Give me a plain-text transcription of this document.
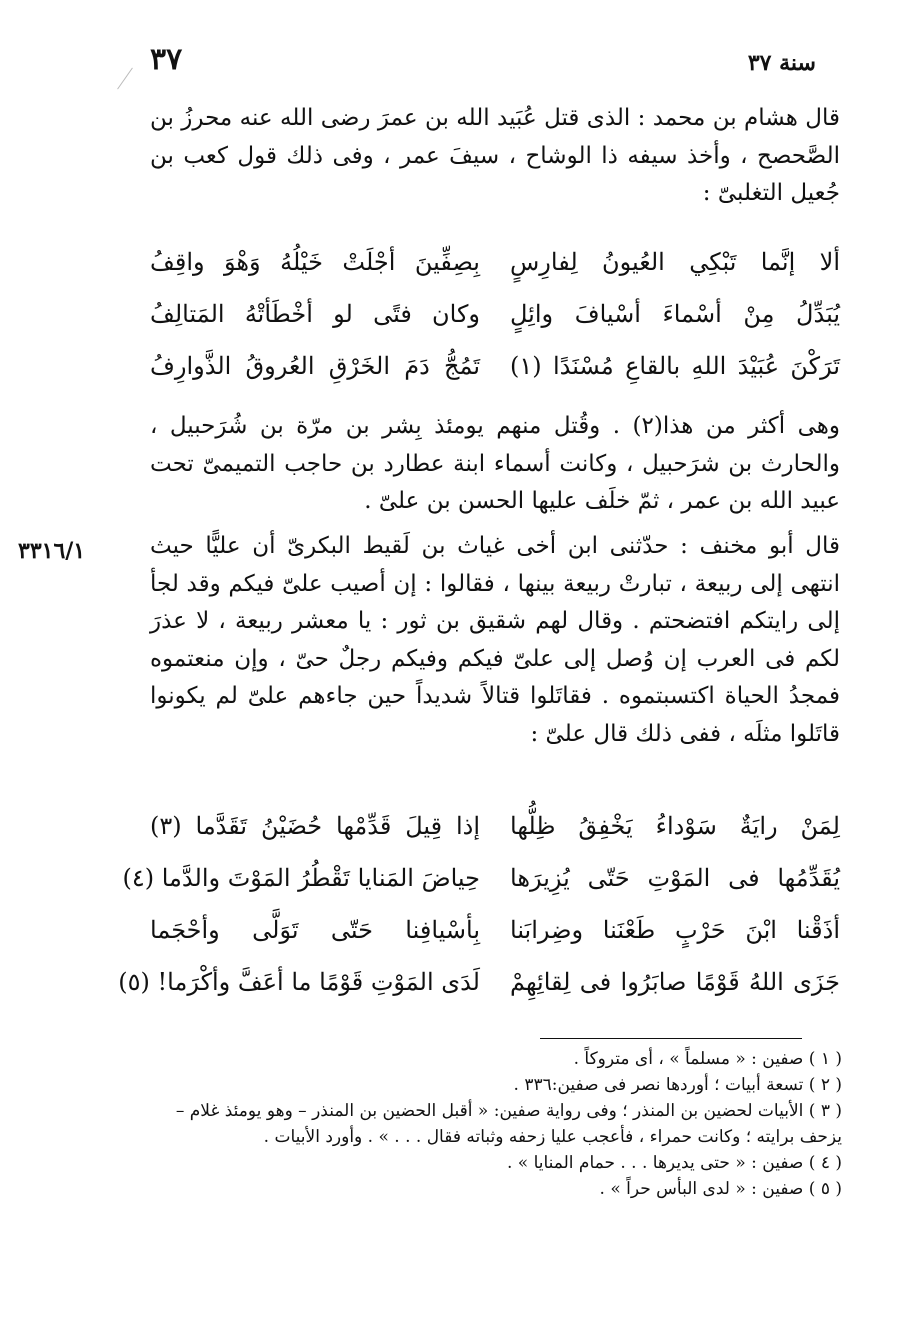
٣٧	سنة ٣٧

قال هشام بن محمد : الذى قتل عُبَيد الله بن عمرَ رضى الله عنه محرزُ بن الصَّحصح ، وأخذ سيفه ذا الوشاح ، سيفَ عمر ، وفى ذلك قول كعب بن جُعيل التغلبىّ :

ألا إنَّما تَبْكِي العُيونُ لِفارِسٍ
بِصِفِّينَ أجْلَتْ خَيْلُهُ وَهْوَ واقِفُ
يُبَدِّلُ مِنْ أسْماءَ أسْيافَ وائِلٍ
وكان فتًى لو أخْطَأتْهُ المَتالِفُ
تَرَكْنَ عُبَيْدَ اللهِ بالقاعِ مُسْنَدًا (١)
تَمُجُّ دَمَ الخَرْقِ العُروقُ الذَّوارِفُ

وهى أكثر من هذا(٢) . وقُتل منهم يومئذ بِشر بن مرّة بن شُرَحبيل ، والحارث بن شرَحبيل ، وكانت أسماء ابنة عطارد بن حاجب التميمىّ تحت عبيد الله بن عمر ، ثمّ خلَف عليها الحسن بن علىّ .

٣٣١٦/١	قال أبو مخنف : حدّثنى ابن أخى غياث بن لَقيط البكرىّ أن عليًّا حيث انتهى إلى ربيعة ، تبارتْ ربيعة بينها ، فقالوا : إن أصيب علىّ فيكم وقد لجأ إلى رايتكم افتضحتم . وقال لهم شقيق بن ثور : يا معشر ربيعة ، لا عذرَ لكم فى العرب إن وُصل إلى علىّ فيكم وفيكم رجلٌ حىّ ، وإن منعتموه فمجدُ الحياة اكتسبتموه . فقاتَلوا قتالاً شديداً حين جاءهم علىّ لم يكونوا قاتَلوا مثلَه ، ففى ذلك قال علىّ :

لِمَنْ رايَةٌ سَوْداءُ يَخْفِقُ ظِلُّها
إذا قِيلَ قَدِّمْها حُضَيْنُ تَقَدَّما (٣)
يُقَدِّمُها فى المَوْتِ حَتّى يُزِيرَها
حِياضَ المَنايا تَقْطُرُ المَوْتَ والدَّما (٤)
أذَقْنا ابْنَ حَرْبٍ طَعْنَنا وضِرابَنا
بِأسْيافِنا حَتّى تَوَلَّى وأحْجَما
جَزَى اللهُ قَوْمًا صابَرُوا فى لِقائِهِمْ
لَدَى المَوْتِ قَوْمًا ما أعَفَّ وأكْرَما! (٥)

( ١ ) صفين : « مسلماً » ، أى متروكاً .

( ٢ ) تسعة أبيات ؛ أوردها نصر فى صفين:٣٣٦ .

( ٣ ) الأبيات لحضين بن المنذر ؛ وفى رواية صفين: « أقبل الحضين بن المنذر – وهو يومئذ غلام – يزحف برايته ؛ وكانت حمراء ، فأعجب عليا زحفه وثباته فقال . . . » . وأورد الأبيات .

( ٤ ) صفين : « حتى يديرها . . . حمام المنايا » .

( ٥ ) صفين : « لدى البأس حراً » .
